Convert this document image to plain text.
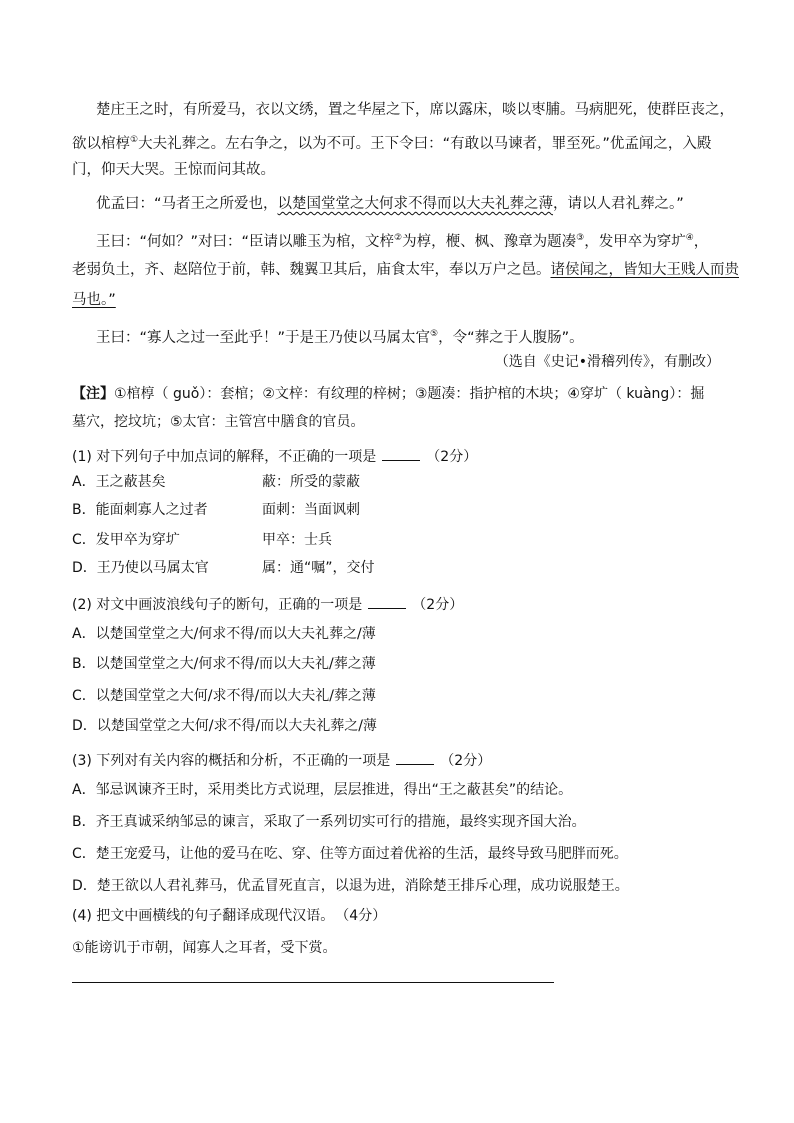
楚庄王之时，有所爱马，衣以文绣，置之华屋之下，席以露床，啖以枣脯。马病肥死，使群臣丧之，
欲以棺椁①大夫礼葬之。左右争之，以为不可。王下令曰：“有敢以马谏者，罪至死。”优孟闻之，入殿
门，仰天大哭。王惊而问其故。
优孟曰：“马者王之所爱也，以楚国堂堂之大何求不得而以大夫礼葬之薄，请以人君礼葬之。”
王曰：“何如？”对曰：“臣请以雕玉为棺，文梓②为椁，楩、枫、豫章为题凑③，发甲卒为穿圹④，
老弱负土，齐、赵陪位于前，韩、魏翼卫其后，庙食太牢，奉以万户之邑。诸侯闻之，皆知大王贱人而贵
马也。”
王曰：“寡人之过一至此乎！”于是王乃使以马属太官⑤，令“葬之于人腹肠”。
（选自《史记•滑稽列传》，有删改）
【注】①棺椁（ guǒ）：套棺；②文梓：有纹理的梓树；③题凑：指护棺的木块；④穿圹（ kuàng）：掘
墓穴，挖坟坑；⑤太官：主管宫中膳食的官员。
(1) 对下列句子中加点词的解释，不正确的一项是	（2分）
A．王之蔽甚矣	蔽：所受的蒙蔽
B．能面刺寡人之过者	面刺：当面讽刺
C．发甲卒为穿圹	甲卒：士兵
D．王乃使以马属太官	属：通“嘱”，交付
(2) 对文中画波浪线句子的断句，正确的一项是	（2分）
A．以楚国堂堂之大/何求不得/而以大夫礼葬之/薄
B．以楚国堂堂之大/何求不得/而以大夫礼/葬之薄
C．以楚国堂堂之大何/求不得/而以大夫礼/葬之薄
D．以楚国堂堂之大何/求不得/而以大夫礼葬之/薄
(3) 下列对有关内容的概括和分析，不正确的一项是	（2分）
A．邹忌讽谏齐王时，采用类比方式说理，层层推进，得出“王之蔽甚矣”的结论。
B．齐王真诚采纳邹忌的谏言，采取了一系列切实可行的措施，最终实现齐国大治。
C．楚王宠爱马，让他的爱马在吃、穿、住等方面过着优裕的生活，最终导致马肥胖而死。
D．楚王欲以人君礼葬马，优孟冒死直言，以退为进，消除楚王排斥心理，成功说服楚王。
(4) 把文中画横线的句子翻译成现代汉语。 （4分）
①能谤讥于市朝，闻寡人之耳者，受下赏。
